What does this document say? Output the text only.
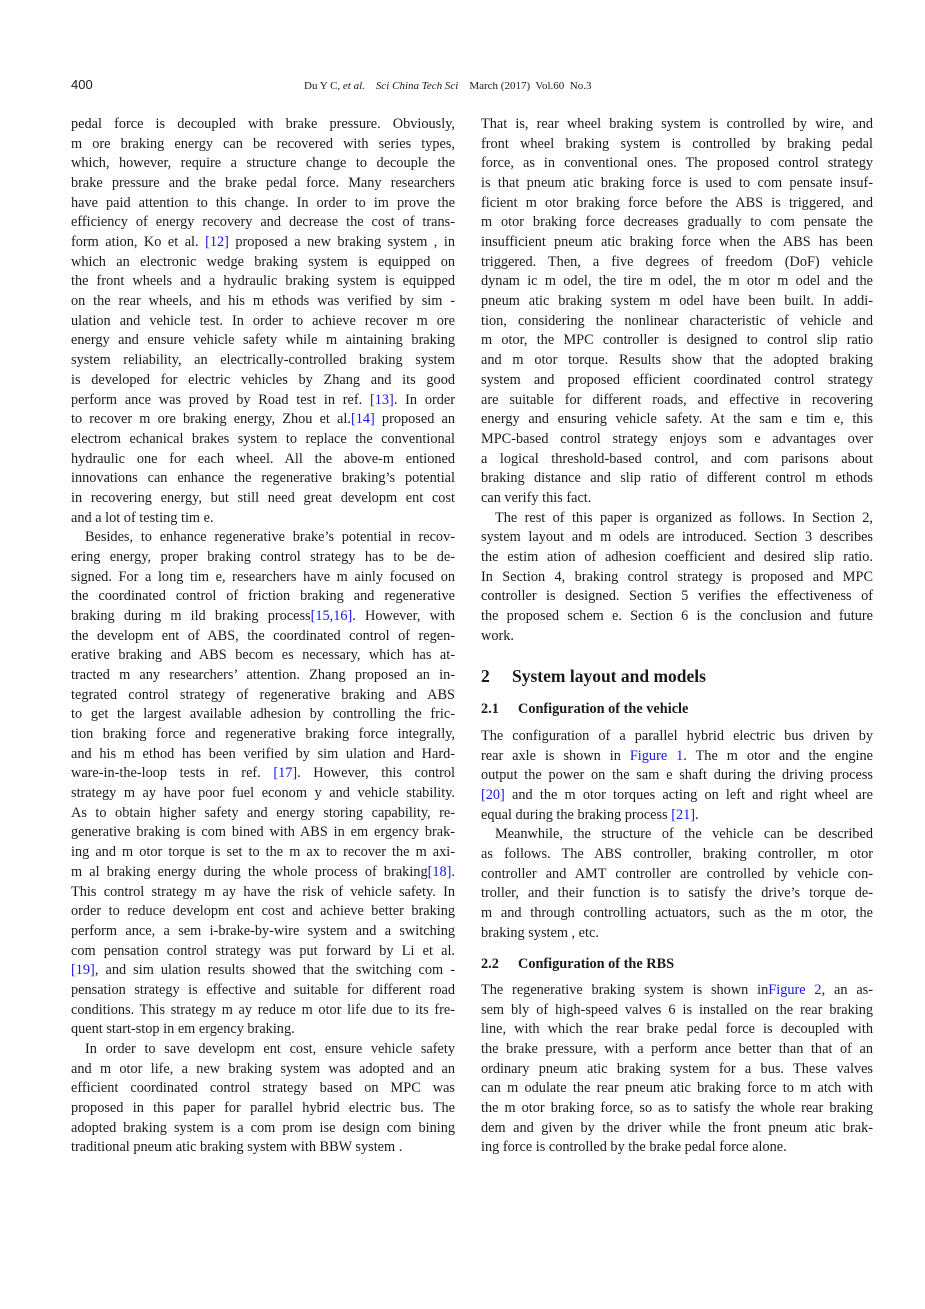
400	Du Y C, et al. Sci China Tech Sci March (2017)  Vol.60  No.3
pedal force is decoupled with brake pressure. Obviously,
m ore braking energy can be recovered with series types,
which, however, require a structure change to decouple the
brake pressure and the brake pedal force. Many researchers
have paid attention to this change. In order to im prove the
efficiency of energy recovery and decrease the cost of trans-
form ation, Ko et al. [12] proposed a new braking system , in
which an electronic wedge braking system is equipped on
the front wheels and a hydraulic braking system is equipped
on the rear wheels, and his m ethods was verified by sim -
ulation and vehicle test. In order to achieve recover m ore
energy and ensure vehicle safety while m aintaining braking
system reliability, an electrically-controlled braking system
is developed for electric vehicles by Zhang and its good
perform ance was proved by Road test in ref. [13]. In order
to recover m ore braking energy, Zhou et al.[14] proposed an
electrom echanical brakes system to replace the conventional
hydraulic one for each wheel. All the above-m entioned
innovations can enhance the regenerative braking’s potential
in recovering energy, but still need great developm ent cost
and a lot of testing tim e.
Besides, to enhance regenerative brake’s potential in recov-
ering energy, proper braking control strategy has to be de-
signed. For a long tim e, researchers have m ainly focused on
the coordinated control of friction braking and regenerative
braking during m ild braking process[15,16]. However, with
the developm ent of ABS, the coordinated control of regen-
erative braking and ABS becom es necessary, which has at-
tracted m any researchers’ attention. Zhang proposed an in-
tegrated control strategy of regenerative braking and ABS
to get the largest available adhesion by controlling the fric-
tion braking force and regenerative braking force integrally,
and his m ethod has been verified by sim ulation and Hard-
ware-in-the-loop tests in ref. [17]. However, this control
strategy m ay have poor fuel econom y and vehicle stability.
As to obtain higher safety and energy storing capability, re-
generative braking is com bined with ABS in em ergency brak-
ing and m otor torque is set to the m ax to recover the m axi-
m al braking energy during the whole process of braking[18].
This control strategy m ay have the risk of vehicle safety. In
order to reduce developm ent cost and achieve better braking
perform ance, a sem i-brake-by-wire system and a switching
com pensation control strategy was put forward by Li et al.
[19], and sim ulation results showed that the switching com -
pensation strategy is effective and suitable for different road
conditions. This strategy m ay reduce m otor life due to its fre-
quent start-stop in em ergency braking.
In order to save developm ent cost, ensure vehicle safety
and m otor life, a new braking system was adopted and an
efficient coordinated control strategy based on MPC was
proposed in this paper for parallel hybrid electric bus. The
adopted braking system is a com prom ise design com bining
traditional pneum atic braking system with BBW system .
That is, rear wheel braking system is controlled by wire, and
front wheel braking system is controlled by braking pedal
force, as in conventional ones. The proposed control strategy
is that pneum atic braking force is used to com pensate insuf-
ficient m otor braking force before the ABS is triggered, and
m otor braking force decreases gradually to com pensate the
insufficient pneum atic braking force when the ABS has been
triggered. Then, a five degrees of freedom (DoF) vehicle
dynam ic m odel, the tire m odel, the m otor m odel and the
pneum atic braking system m odel have been built. In addi-
tion, considering the nonlinear characteristic of vehicle and
m otor, the MPC controller is designed to control slip ratio
and m otor torque. Results show that the adopted braking
system and proposed efficient coordinated control strategy
are suitable for different roads, and effective in recovering
energy and ensuring vehicle safety. At the sam e tim e, this
MPC-based control strategy enjoys som e advantages over
a logical threshold-based control, and com parisons about
braking distance and slip ratio of different control m ethods
can verify this fact.
The rest of this paper is organized as follows. In Section 2,
system layout and m odels are introduced. Section 3 describes
the estim ation of adhesion coefficient and desired slip ratio.
In Section 4, braking control strategy is proposed and MPC
controller is designed. Section 5 verifies the effectiveness of
the proposed schem e. Section 6 is the conclusion and future
work.
The configuration of a parallel hybrid electric bus driven by
rear axle is shown in Figure 1. The m otor and the engine
output the power on the sam e shaft during the driving process
[20] and the m otor torques acting on left and right wheel are
equal during the braking process [21].
Meanwhile, the structure of the vehicle can be described
as follows. The ABS controller, braking controller, m otor
controller and AMT controller are controlled by vehicle con-
troller, and their function is to satisfy the drive’s torque de-
m and through controlling actuators, such as the m otor, the
braking system , etc.
The regenerative braking system is shown inFigure 2, an as-
sem bly of high-speed valves 6 is installed on the rear braking
line, with which the rear brake pedal force is decoupled with
the brake pressure, with a perform ance better than that of an
ordinary pneum atic braking system for a bus. These valves
can m odulate the rear pneum atic braking force to m atch with
the m otor braking force, so as to satisfy the whole rear braking
dem and given by the driver while the front pneum atic brak-
ing force is controlled by the brake pedal force alone.
2 System layout and models
2.1 Configuration of the vehicle
2.2 Configuration of the RBS
